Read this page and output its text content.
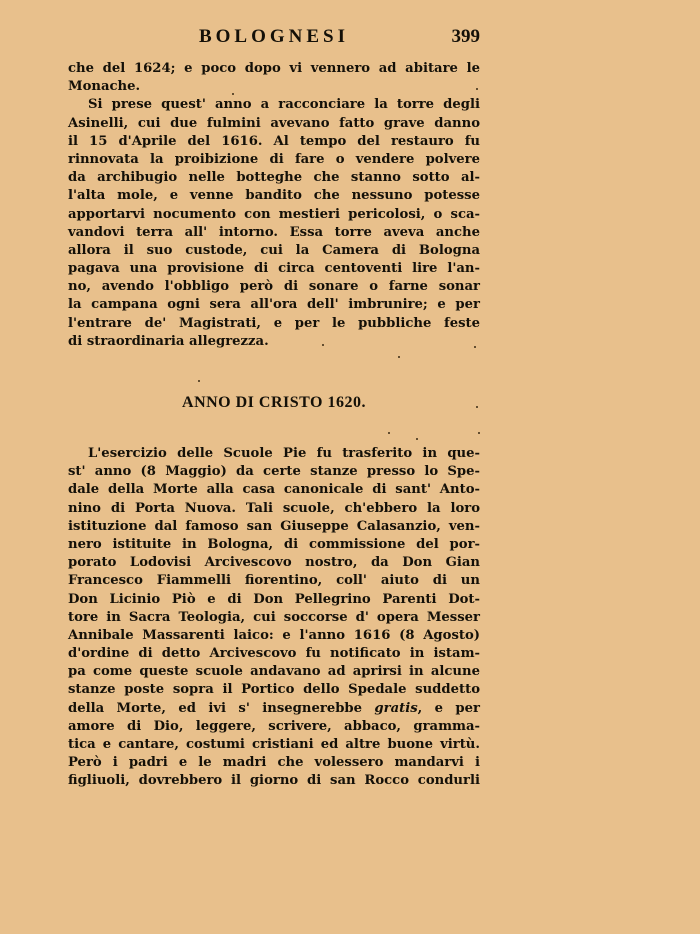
BOLOGNESI	399
che del 1624; e poco dopo vi vennero ad abitare le
Monache.
Si prese quest' anno a racconciare la torre degli
Asinelli, cui due fulmini avevano fatto grave danno
il 15 d'Aprile del 1616. Al tempo del restauro fu
rinnovata la proibizione di fare o vendere polvere
da archibugio nelle botteghe che stanno sotto al-
l'alta mole, e venne bandito che nessuno potesse
apportarvi nocumento con mestieri pericolosi, o sca-
vandovi terra all' intorno. Essa torre aveva anche
allora il suo custode, cui la Camera di Bologna
pagava una provisione di circa centoventi lire l'an-
no, avendo l'obbligo però di sonare o farne sonar
la campana ogni sera all'ora dell' imbrunire; e per
l'entrare de' Magistrati, e per le pubbliche feste
di straordinaria allegrezza.
ANNO DI CRISTO 1620.
L'esercizio delle Scuole Pie fu trasferito in que-
st' anno (8 Maggio) da certe stanze presso lo Spe-
dale della Morte alla casa canonicale di sant' Anto-
nino di Porta Nuova. Tali scuole, ch'ebbero la loro
istituzione dal famoso san Giuseppe Calasanzio, ven-
nero istituite in Bologna, di commissione del por-
porato Lodovisi Arcivescovo nostro, da Don Gian
Francesco Fiammelli fiorentino, coll' aiuto di un
Don Licinio Piò e di Don Pellegrino Parenti Dot-
tore in Sacra Teologia, cui soccorse d' opera Messer
Annibale Massarenti laico: e l'anno 1616 (8 Agosto)
d'ordine di detto Arcivescovo fu notificato in istam-
pa come queste scuole andavano ad aprirsi in alcune
stanze poste sopra il Portico dello Spedale suddetto
della Morte, ed ivi s' insegnerebbe gratis, e per
amore di Dio, leggere, scrivere, abbaco, gramma-
tica e cantare, costumi cristiani ed altre buone virtù.
Però i padri e le madri che volessero mandarvi i
figliuoli, dovrebbero il giorno di san Rocco condurli
